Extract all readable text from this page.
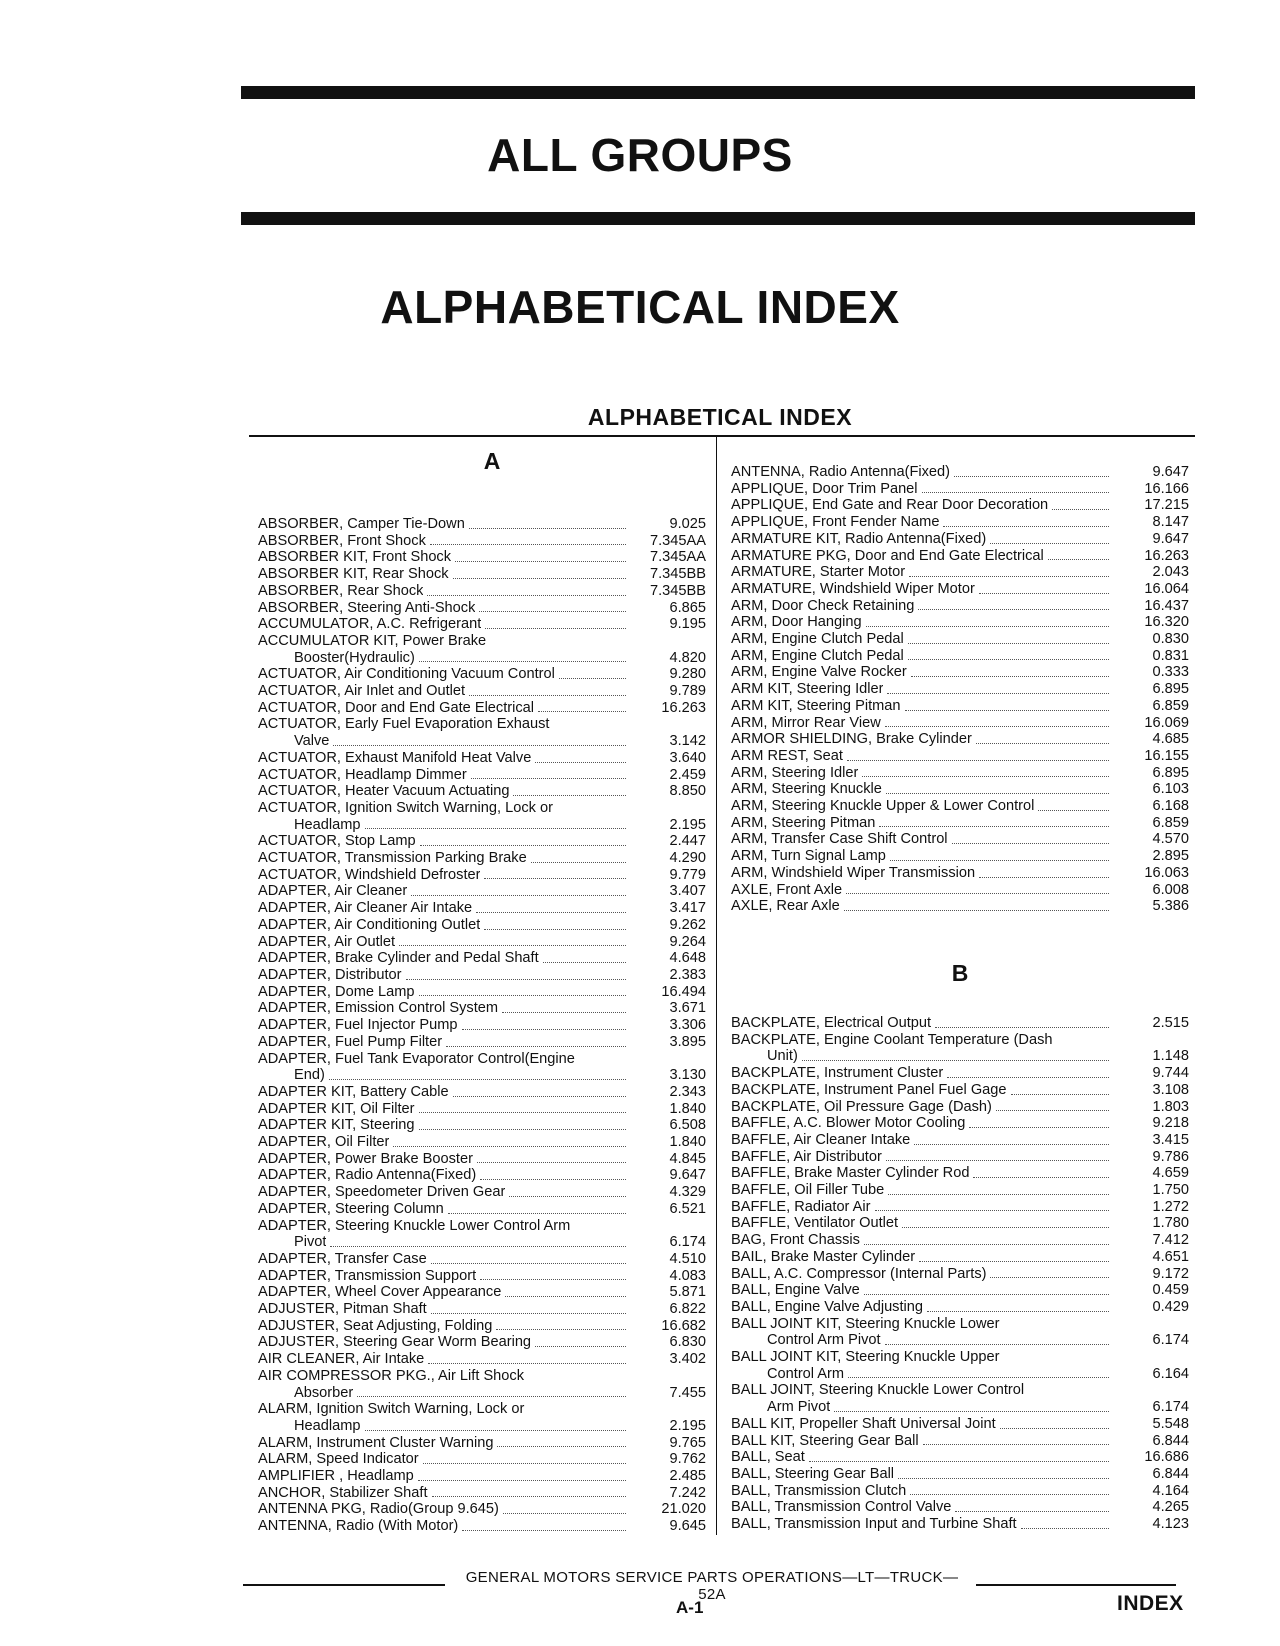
ALL GROUPS
ALPHABETICAL INDEX
ALPHABETICAL INDEX
A
ABSORBER, Camper Tie-Down	9.025
ABSORBER, Front Shock	7.345AA
ABSORBER KIT, Front Shock	7.345AA
ABSORBER KIT, Rear Shock	7.345BB
ABSORBER, Rear Shock	7.345BB
ABSORBER, Steering Anti-Shock	6.865
ACCUMULATOR, A.C. Refrigerant	9.195
ACCUMULATOR KIT, Power Brake
Booster(Hydraulic)	4.820
ACTUATOR, Air Conditioning Vacuum Control	9.280
ACTUATOR, Air Inlet and Outlet	9.789
ACTUATOR, Door and End Gate Electrical	16.263
ACTUATOR, Early Fuel Evaporation Exhaust
Valve	3.142
ACTUATOR, Exhaust Manifold Heat Valve	3.640
ACTUATOR, Headlamp Dimmer	2.459
ACTUATOR, Heater Vacuum Actuating	8.850
ACTUATOR, Ignition Switch Warning, Lock or
Headlamp	2.195
ACTUATOR, Stop Lamp	2.447
ACTUATOR, Transmission Parking Brake	4.290
ACTUATOR, Windshield Defroster	9.779
ADAPTER, Air Cleaner	3.407
ADAPTER, Air Cleaner Air Intake	3.417
ADAPTER, Air Conditioning Outlet	9.262
ADAPTER, Air Outlet	9.264
ADAPTER, Brake Cylinder and Pedal Shaft	4.648
ADAPTER, Distributor	2.383
ADAPTER, Dome Lamp	16.494
ADAPTER, Emission Control System	3.671
ADAPTER, Fuel Injector Pump	3.306
ADAPTER, Fuel Pump Filter	3.895
ADAPTER, Fuel Tank Evaporator Control(Engine
End)	3.130
ADAPTER KIT, Battery Cable	2.343
ADAPTER KIT, Oil Filter	1.840
ADAPTER KIT, Steering	6.508
ADAPTER, Oil Filter	1.840
ADAPTER, Power Brake Booster	4.845
ADAPTER, Radio Antenna(Fixed)	9.647
ADAPTER, Speedometer Driven Gear	4.329
ADAPTER, Steering Column	6.521
ADAPTER, Steering Knuckle Lower Control Arm
Pivot	6.174
ADAPTER, Transfer Case	4.510
ADAPTER, Transmission Support	4.083
ADAPTER, Wheel Cover Appearance	5.871
ADJUSTER, Pitman Shaft	6.822
ADJUSTER, Seat Adjusting, Folding	16.682
ADJUSTER, Steering Gear Worm Bearing	6.830
AIR CLEANER, Air Intake	3.402
AIR COMPRESSOR PKG., Air Lift Shock
Absorber	7.455
ALARM, Ignition Switch Warning, Lock or
Headlamp	2.195
ALARM, Instrument Cluster Warning	9.765
ALARM, Speed Indicator	9.762
AMPLIFIER , Headlamp	2.485
ANCHOR, Stabilizer Shaft	7.242
ANTENNA PKG, Radio(Group 9.645)	21.020
ANTENNA, Radio (With Motor)	9.645
ANTENNA, Radio Antenna(Fixed)	9.647
APPLIQUE, Door Trim Panel	16.166
APPLIQUE, End Gate and Rear Door Decoration	17.215
APPLIQUE, Front Fender Name	8.147
ARMATURE KIT, Radio Antenna(Fixed)	9.647
ARMATURE PKG, Door and End Gate Electrical	16.263
ARMATURE, Starter Motor	2.043
ARMATURE, Windshield Wiper Motor	16.064
ARM, Door Check Retaining	16.437
ARM, Door Hanging	16.320
ARM, Engine Clutch Pedal	0.830
ARM, Engine Clutch Pedal	0.831
ARM, Engine Valve Rocker	0.333
ARM KIT, Steering Idler	6.895
ARM KIT, Steering Pitman	6.859
ARM, Mirror Rear View	16.069
ARMOR SHIELDING, Brake Cylinder	4.685
ARM REST, Seat	16.155
ARM, Steering Idler	6.895
ARM, Steering Knuckle	6.103
ARM, Steering Knuckle Upper & Lower Control	6.168
ARM, Steering Pitman	6.859
ARM, Transfer Case Shift Control	4.570
ARM, Turn Signal Lamp	2.895
ARM, Windshield Wiper Transmission	16.063
AXLE, Front Axle	6.008
AXLE, Rear Axle	5.386
B
BACKPLATE, Electrical Output	2.515
BACKPLATE, Engine Coolant Temperature (Dash
Unit)	1.148
BACKPLATE, Instrument Cluster	9.744
BACKPLATE, Instrument Panel Fuel Gage	3.108
BACKPLATE, Oil Pressure Gage (Dash)	1.803
BAFFLE, A.C. Blower Motor Cooling	9.218
BAFFLE, Air Cleaner Intake	3.415
BAFFLE, Air Distributor	9.786
BAFFLE, Brake Master Cylinder Rod	4.659
BAFFLE, Oil Filler Tube	1.750
BAFFLE, Radiator Air	1.272
BAFFLE, Ventilator Outlet	1.780
BAG, Front Chassis	7.412
BAIL, Brake Master Cylinder	4.651
BALL, A.C. Compressor (Internal Parts)	9.172
BALL, Engine Valve	0.459
BALL, Engine Valve Adjusting	0.429
BALL JOINT KIT, Steering Knuckle Lower
Control Arm Pivot	6.174
BALL JOINT KIT, Steering Knuckle Upper
Control Arm	6.164
BALL JOINT, Steering Knuckle Lower Control
Arm Pivot	6.174
BALL KIT, Propeller Shaft Universal Joint	5.548
BALL KIT, Steering Gear Ball	6.844
BALL, Seat	16.686
BALL, Steering Gear Ball	6.844
BALL, Transmission Clutch	4.164
BALL, Transmission Control Valve	4.265
BALL, Transmission Input and Turbine Shaft	4.123
GENERAL MOTORS SERVICE PARTS OPERATIONS—LT—TRUCK—52A
A-1	INDEX
